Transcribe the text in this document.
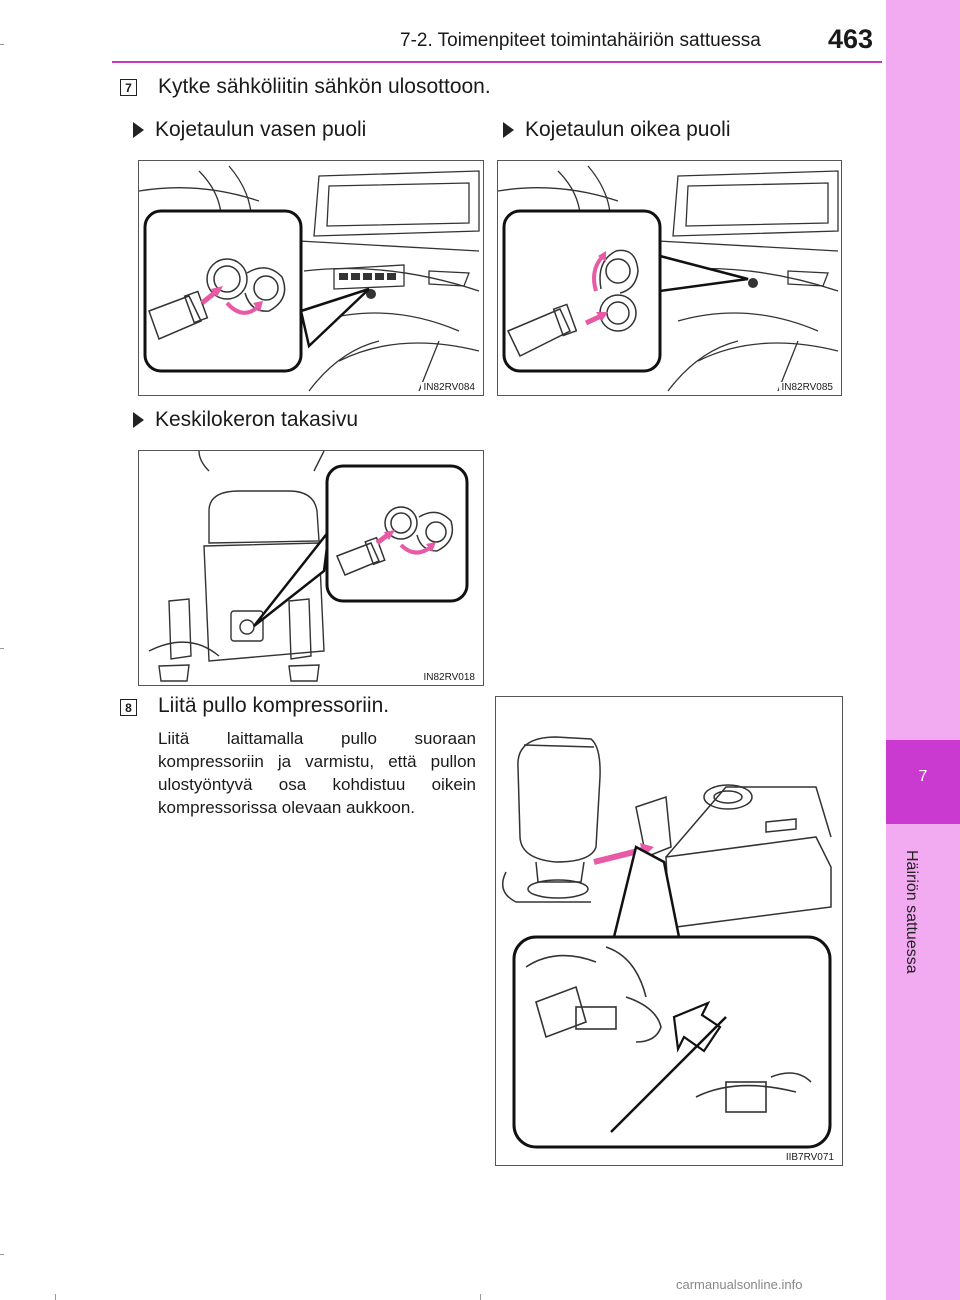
7-2. Toimenpiteet toimintahäiriön sattuessa 463
7
Häiriön sattuessa
7 Kytke sähköliitin sähkön ulosottoon.
Kojetaulun vasen puoli	Kojetaulun oikea puoli
IN82RV084	IN82RV085
Keskilokeron takasivu
IN82RV018
8 Liitä pullo kompressoriin.
Liitä laittamalla pullo suoraan kompressoriin ja varmistu, että pullon ulostyöntyvä osa kohdistuu oikein kompressorissa olevaan aukkoon.
IIB7RV071
carmanualsonline.info
